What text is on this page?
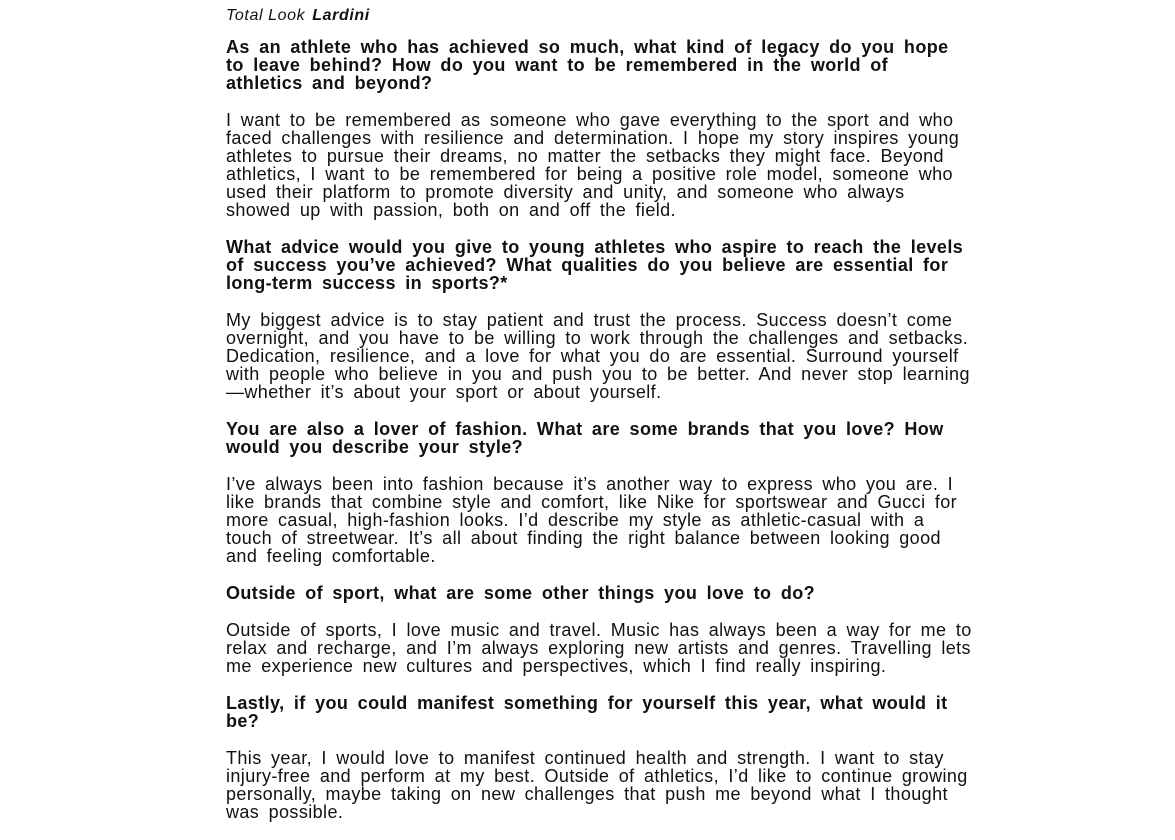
Total Look Lardini

As an athlete who has achieved so much, what kind of legacy do you hope to leave behind? How do you want to be remembered in the world of athletics and beyond?

I want to be remembered as someone who gave everything to the sport and who faced challenges with resilience and determination. I hope my story inspires young athletes to pursue their dreams, no matter the setbacks they might face. Beyond athletics, I want to be remembered for being a positive role model, someone who used their platform to promote diversity and unity, and someone who always showed up with passion, both on and off the field.

What advice would you give to young athletes who aspire to reach the levels of success you’ve achieved? What qualities do you believe are essential for long-term success in sports?*

My biggest advice is to stay patient and trust the process. Success doesn’t come overnight, and you have to be willing to work through the challenges and setbacks. Dedication, resilience, and a love for what you do are essential. Surround yourself with people who believe in you and push you to be better. And never stop learning—whether it’s about your sport or about yourself.

You are also a lover of fashion. What are some brands that you love? How would you describe your style?

I’ve always been into fashion because it’s another way to express who you are. I like brands that combine style and comfort, like Nike for sportswear and Gucci for more casual, high-fashion looks. I’d describe my style as athletic-casual with a touch of streetwear. It’s all about finding the right balance between looking good and feeling comfortable.

Outside of sport, what are some other things you love to do?

Outside of sports, I love music and travel. Music has always been a way for me to relax and recharge, and I’m always exploring new artists and genres. Travelling lets me experience new cultures and perspectives, which I find really inspiring.

Lastly, if you could manifest something for yourself this year, what would it be?

This year, I would love to manifest continued health and strength. I want to stay injury-free and perform at my best. Outside of athletics, I’d like to continue growing personally, maybe taking on new challenges that push me beyond what I thought was possible.
